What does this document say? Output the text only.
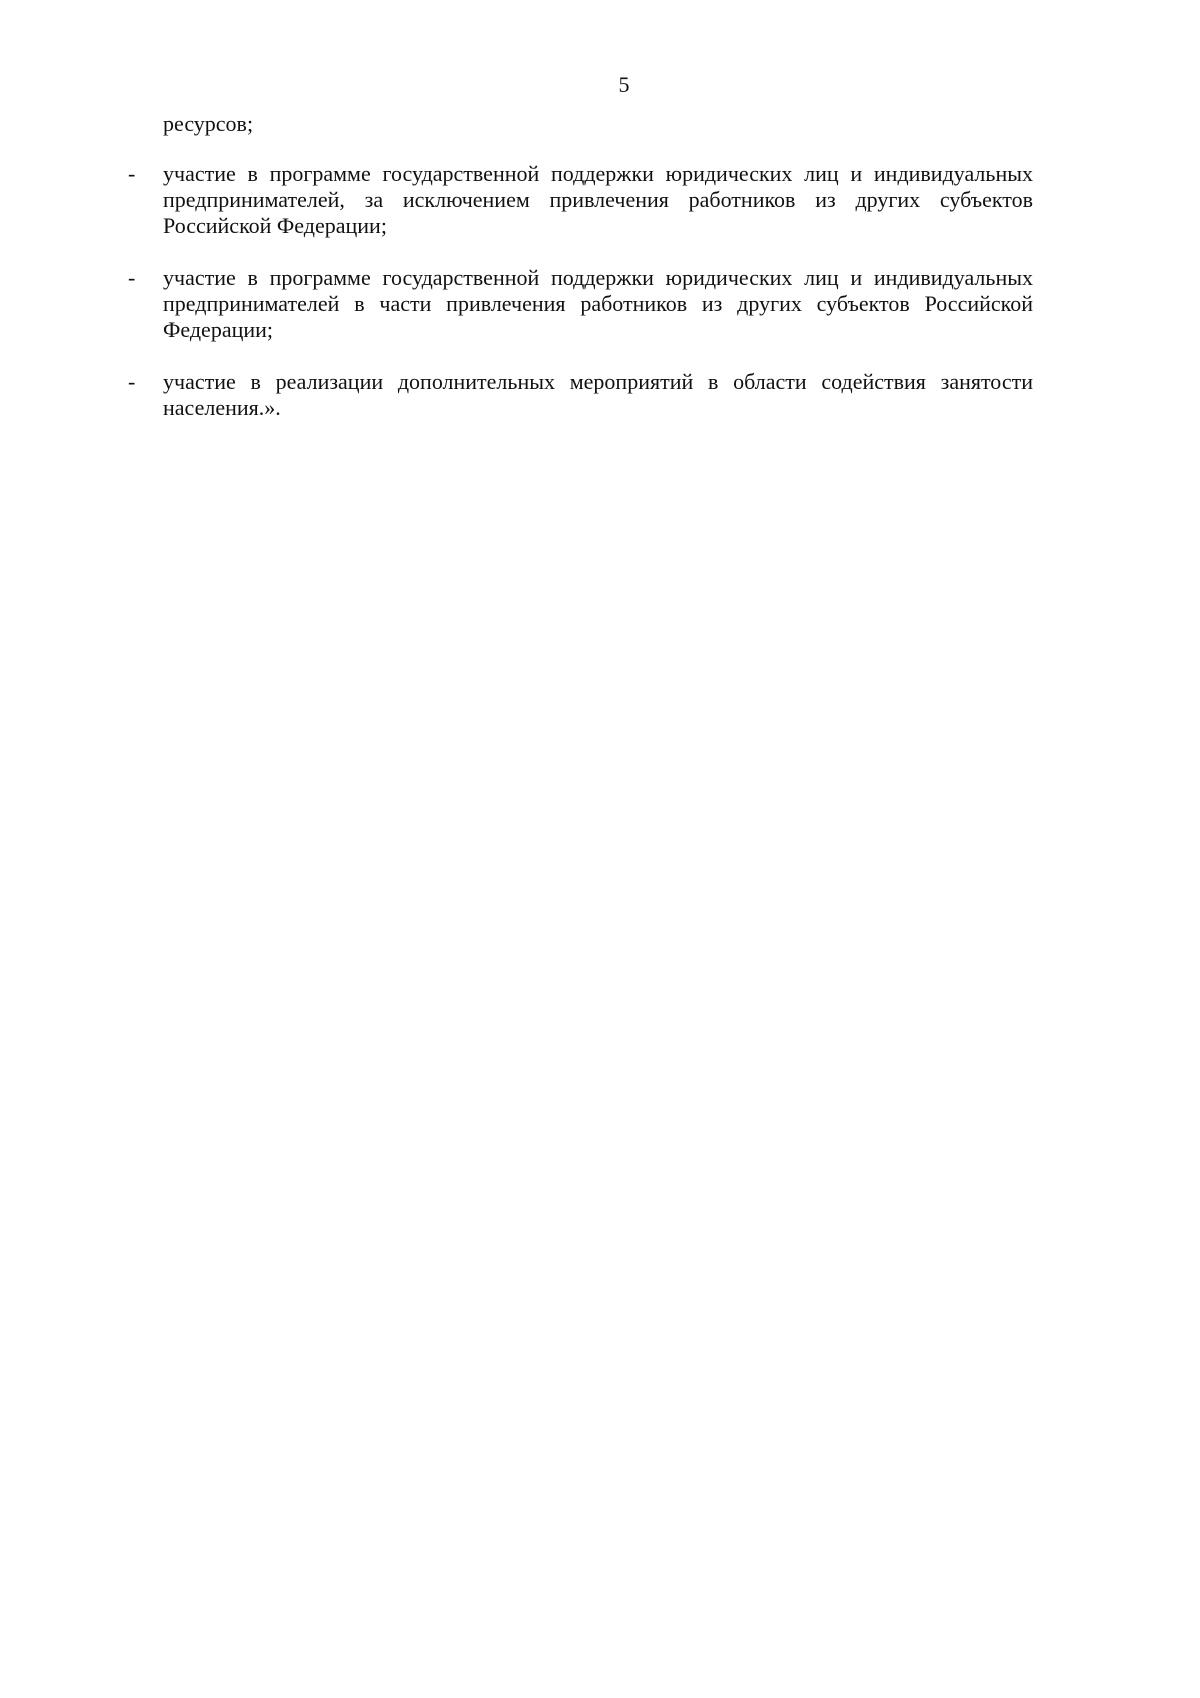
5
ресурсов;
- участие в программе государственной поддержки юридических лиц и индивидуальных предпринимателей, за исключением привлечения работников из других субъектов Российской Федерации;
- участие в программе государственной поддержки юридических лиц и индивидуальных предпринимателей в части привлечения работников из других субъектов Российской Федерации;
- участие в реализации дополнительных мероприятий в области содействия занятости населения.».
